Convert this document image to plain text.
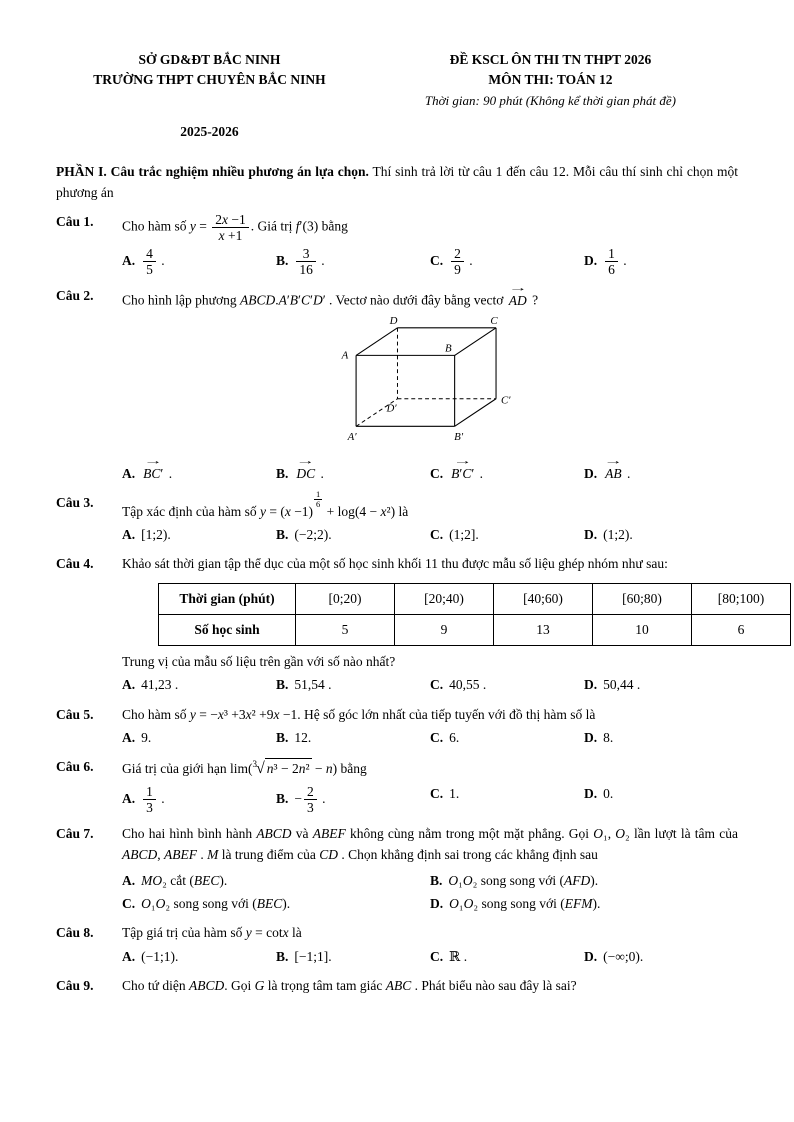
SỞ GD&ĐT BẮC NINH
TRƯỜNG THPT CHUYÊN BẮC NINH
ĐỀ KSCL ÔN THI TN THPT 2026
MÔN THI: TOÁN 12
Thời gian: 90 phút (Không kể thời gian phát đề)
2025-2026

PHẦN I. Câu trắc nghiệm nhiều phương án lựa chọn. Thí sinh trả lời từ câu 1 đến câu 12. Mỗi câu thí sinh chỉ chọn một phương án

Câu 1.	Cho hàm số $y = \frac{2x -1}{x +1}$ . Giá trị f′(3) bằng
A. $\frac{4}{5}$ .	B. $\frac{3}{16}$ .	C. $\frac{2}{9}$ .	D. $\frac{1}{6}$ .
Câu 2.	Cho hình lập phương ABCD.A′B′C′D′ . Vectơ nào dưới đây bằng vectơ
→
AD ?
A
B
C
D
A′	B′
C′
D′
A.
→
BC′ .	B.
→
DC .	C.
→
B′C′ .	D.
→
AB .
Câu 3.
Tập xác định của hàm số y = (x −1)
$\frac{1}{6}$
+ log(4 − x²) là
A. [1;2).	B. (−2;2).	C. (1;2].	D. (1;2).
Câu 4.	Khảo sát thời gian tập thể dục của một số học sinh khối 11 thu được mẫu số liệu ghép nhóm như sau:
Thời gian (phút)	[0;20)	[20;40)	[40;60)	[60;80)	[80;100)
Số học sinh	5	9	13	10	6
Trung vị của mẫu số liệu trên gần với số nào nhất?
A. 41,23 .	B. 51,54 .	C. 40,55 .	D. 50,44 .
Câu 5.	Cho hàm số y = −x³ +3x² +9x −1. Hệ số góc lớn nhất của tiếp tuyến với đồ thị hàm số là
A. 9.	B. 12.	C. 6.	D. 8.
Câu 6.	Giá trị của giới hạn lim($^3$√ n³ − 2n² − n) bằng
A. $\frac{1}{3}$ .	B. − $\frac{2}{3}$ .	C. 1.	D. 0.
Câu 7.	Cho hai hình bình hành ABCD và ABEF không cùng nằm trong một mặt phẳng. Gọi O₁, O₂ lần lượt là tâm của ABCD, ABEF . M là trung điểm của CD . Chọn khẳng định sai trong các khẳng định sau
A. MO₂ cắt (BEC).	B. O₁O₂ song song với (AFD).
C. O₁O₂ song song với (BEC).	D. O₁O₂ song song với (EFM).
Câu 8.	Tập giá trị của hàm số y = cotx là
A. (−1;1).	B. [−1;1].	C. ℝ .	D. (−∞;0).
Câu 9.	Cho tứ diện ABCD. Gọi G là trọng tâm tam giác ABC . Phát biểu nào sau đây là sai?
